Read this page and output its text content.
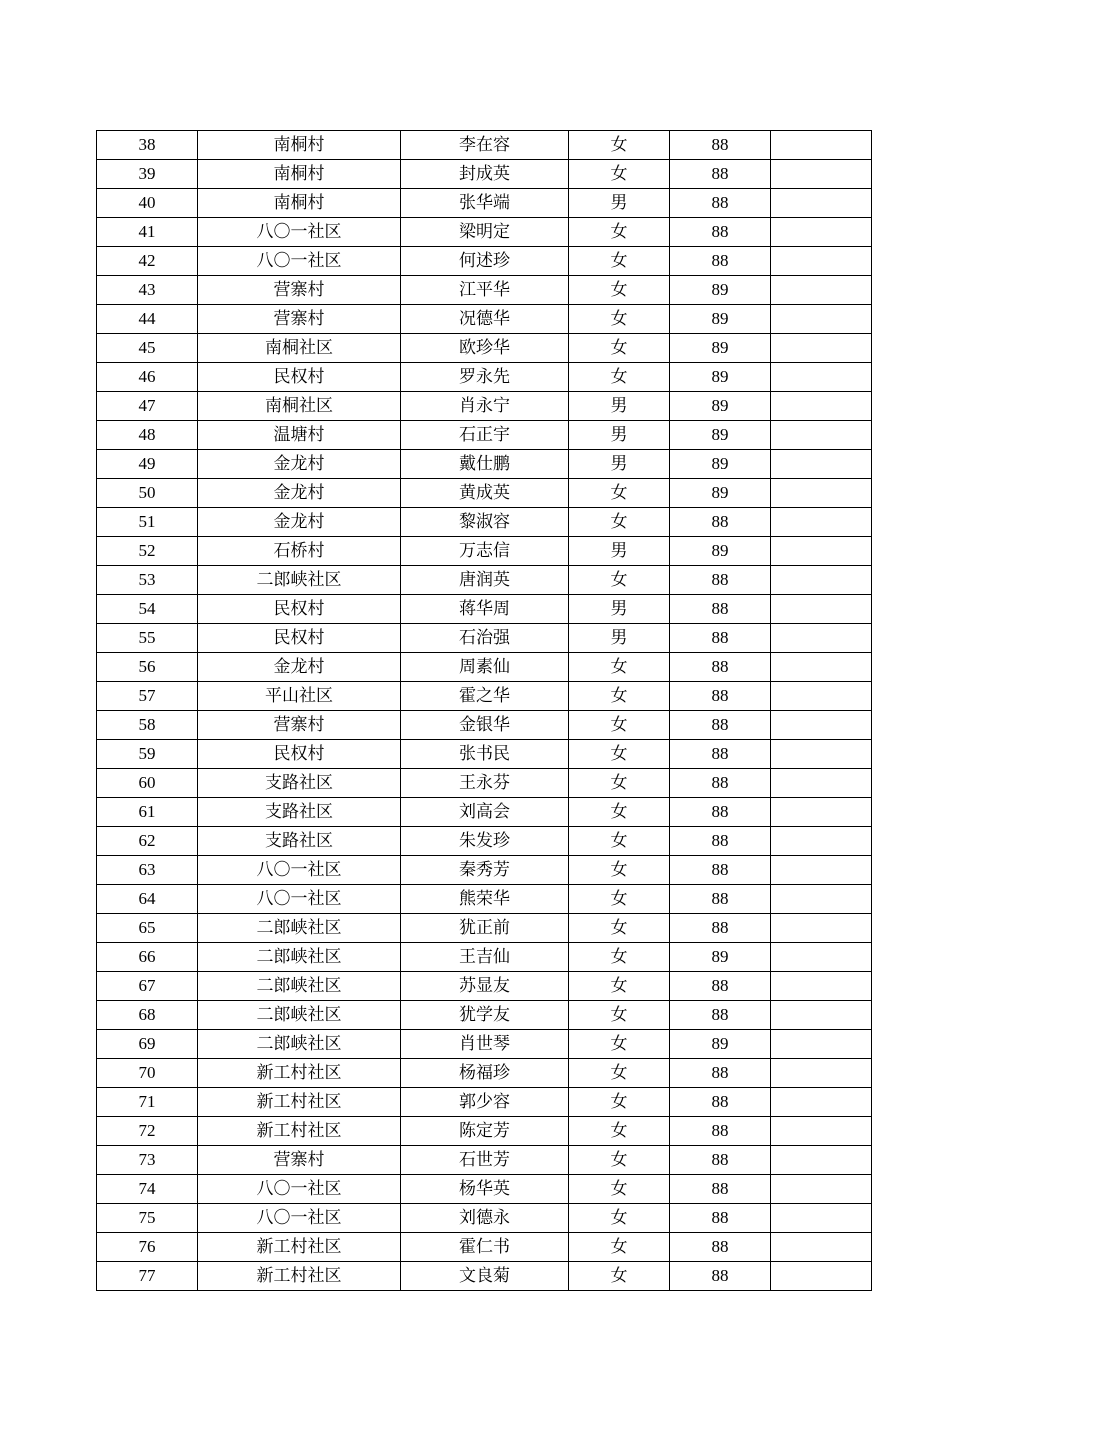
38	南桐村	李在容	女	88	
39	南桐村	封成英	女	88	
40	南桐村	张华端	男	88	
41	八〇一社区	梁明定	女	88	
42	八〇一社区	何述珍	女	88	
43	营寨村	江平华	女	89	
44	营寨村	况德华	女	89	
45	南桐社区	欧珍华	女	89	
46	民权村	罗永先	女	89	
47	南桐社区	肖永宁	男	89	
48	温塘村	石正宇	男	89	
49	金龙村	戴仕鹏	男	89	
50	金龙村	黄成英	女	89	
51	金龙村	黎淑容	女	88	
52	石桥村	万志信	男	89	
53	二郎峡社区	唐润英	女	88	
54	民权村	蒋华周	男	88	
55	民权村	石治强	男	88	
56	金龙村	周素仙	女	88	
57	平山社区	霍之华	女	88	
58	营寨村	金银华	女	88	
59	民权村	张书民	女	88	
60	支路社区	王永芬	女	88	
61	支路社区	刘高会	女	88	
62	支路社区	朱发珍	女	88	
63	八〇一社区	秦秀芳	女	88	
64	八〇一社区	熊荣华	女	88	
65	二郎峡社区	犹正前	女	88	
66	二郎峡社区	王吉仙	女	89	
67	二郎峡社区	苏显友	女	88	
68	二郎峡社区	犹学友	女	88	
69	二郎峡社区	肖世琴	女	89	
70	新工村社区	杨福珍	女	88	
71	新工村社区	郭少容	女	88	
72	新工村社区	陈定芳	女	88	
73	营寨村	石世芳	女	88	
74	八〇一社区	杨华英	女	88	
75	八〇一社区	刘德永	女	88	
76	新工村社区	霍仁书	女	88	
77	新工村社区	文良菊	女	88	
